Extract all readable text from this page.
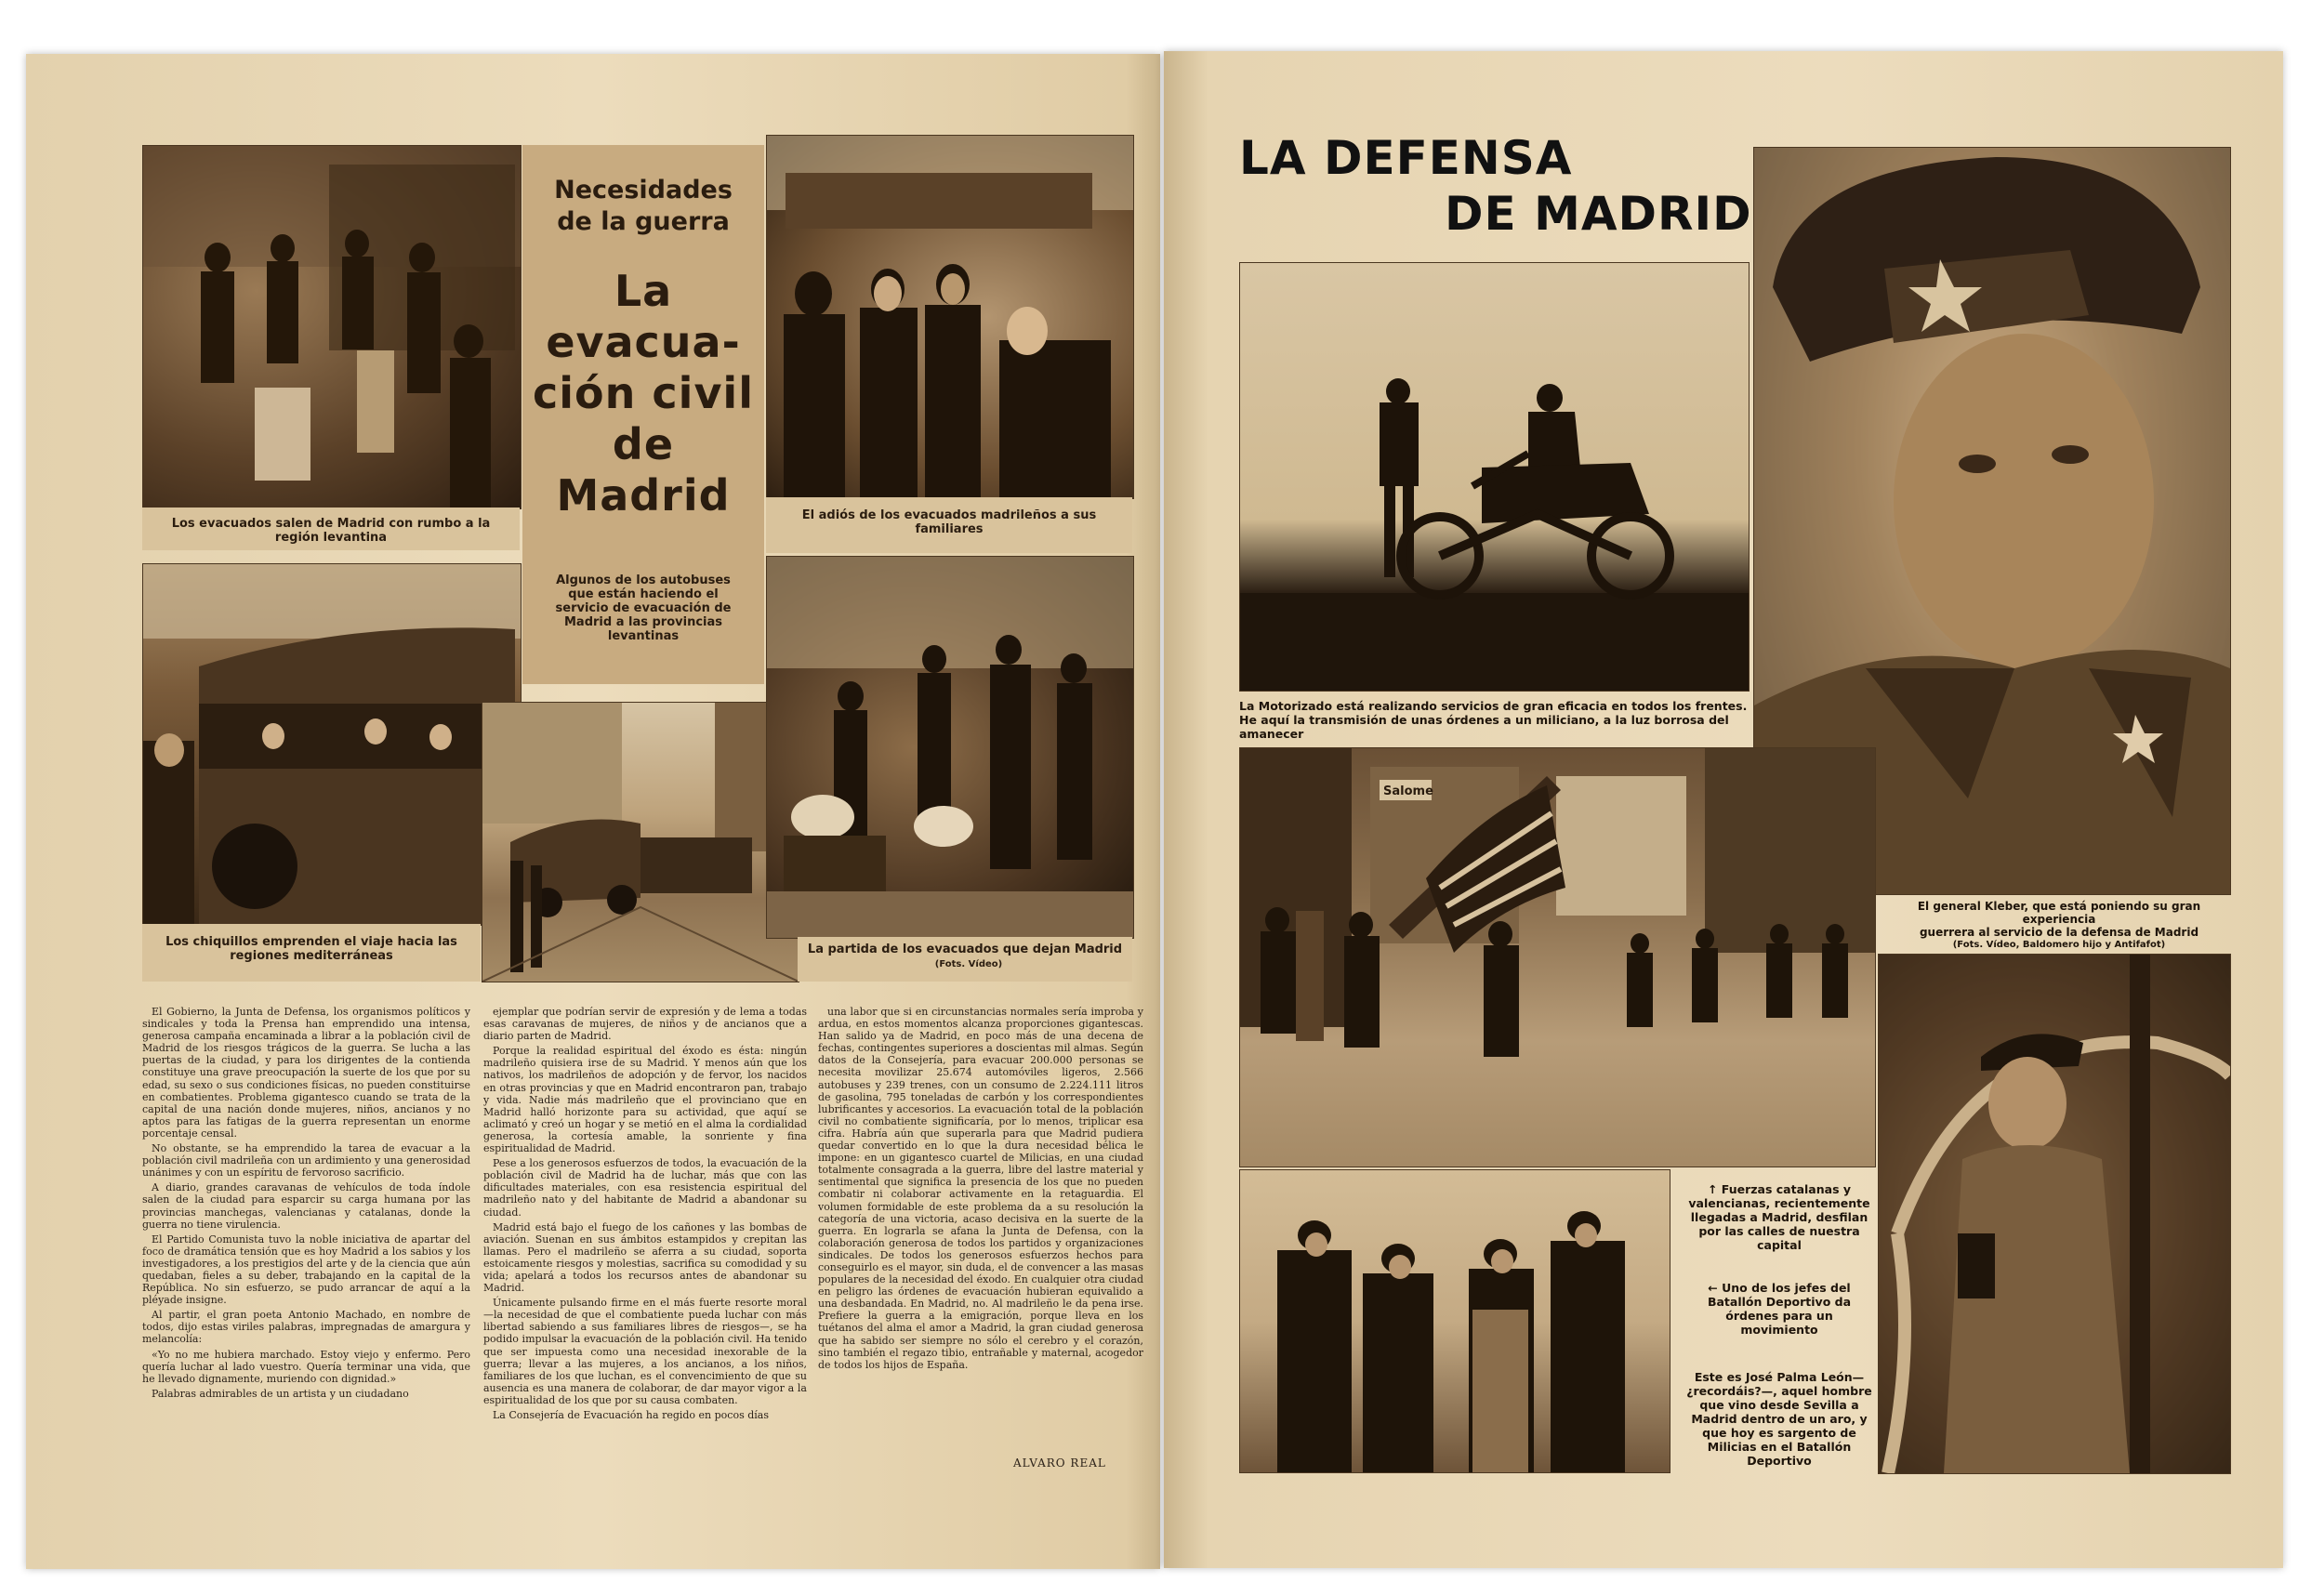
Los evacuados salen de Madrid con rumbo a la región levantina
Necesidades
de la guerra
La
evacua-
ción civil
de
Madrid
Algunos de los autobuses que están haciendo el servicio de evacuación de Madrid a las provincias levantinas
El adiós de los evacuados madrileños a sus familiares
Los chiquillos emprenden el viaje hacia las regiones mediterráneas	La partida de los evacuados que dejan Madrid (Fots. Vídeo)

El Gobierno, la Junta de Defensa, los organismos políticos y sindicales y toda la Prensa han emprendido una intensa, generosa campaña encaminada a librar a la población civil de Madrid de los riesgos trágicos de la guerra. Se lucha a las puertas de la ciudad, y para los dirigentes de la contienda constituye una grave preocupación la suerte de los que por su edad, su sexo o sus condiciones físicas, no pueden constituirse en combatientes. Problema gigantesco cuando se trata de la capital de una nación donde mujeres, niños, ancianos y no aptos para las fatigas de la guerra representan un enorme porcentaje censal.

No obstante, se ha emprendido la tarea de evacuar a la población civil madrileña con un ardimiento y una generosidad unánimes y con un espíritu de fervoroso sacrificio.

A diario, grandes caravanas de vehículos de toda índole salen de la ciudad para esparcir su carga humana por las provincias manchegas, valencianas y catalanas, donde la guerra no tiene virulencia.

El Partido Comunista tuvo la noble iniciativa de apartar del foco de dramática tensión que es hoy Madrid a los sabios y los investigadores, a los prestigios del arte y de la ciencia que aún quedaban, fieles a su deber, trabajando en la capital de la República. No sin esfuerzo, se pudo arrancar de aquí a la pléyade insigne.

Al partir, el gran poeta Antonio Machado, en nombre de todos, dijo estas viriles palabras, impregnadas de amargura y melancolía:

«Yo no me hubiera marchado. Estoy viejo y enfermo. Pero quería luchar al lado vuestro. Quería terminar una vida, que he llevado dignamente, muriendo con dignidad.»

Palabras admirables de un artista y un ciudadano

ejemplar que podrían servir de expresión y de lema a todas esas caravanas de mujeres, de niños y de ancianos que a diario parten de Madrid.

Porque la realidad espiritual del éxodo es ésta: ningún madrileño quisiera irse de su Madrid. Y menos aún que los nativos, los madrileños de adopción y de fervor, los nacidos en otras provincias y que en Madrid encontraron pan, trabajo y vida. Nadie más madrileño que el provinciano que en Madrid halló horizonte para su actividad, que aquí se aclimató y creó un hogar y se metió en el alma la cordialidad generosa, la cortesía amable, la sonriente y fina espiritualidad de Madrid.

Pese a los generosos esfuerzos de todos, la evacuación de la población civil de Madrid ha de luchar, más que con las dificultades materiales, con esa resistencia espiritual del madrileño nato y del habitante de Madrid a abandonar su ciudad.

Madrid está bajo el fuego de los cañones y las bombas de aviación. Suenan en sus ámbitos estampidos y crepitan las llamas. Pero el madrileño se aferra a su ciudad, soporta estoicamente riesgos y molestias, sacrifica su comodidad y su vida; apelará a todos los recursos antes de abandonar su Madrid.

Únicamente pulsando firme en el más fuerte resorte moral—la necesidad de que el combatiente pueda luchar con más libertad sabiendo a sus familiares libres de riesgos—, se ha podido impulsar la evacuación de la población civil. Ha tenido que ser impuesta como una necesidad inexorable de la guerra; llevar a las mujeres, a los ancianos, a los niños, familiares de los que luchan, es el convencimiento de que su ausencia es una manera de colaborar, de dar mayor vigor a la espiritualidad de los que por su causa combaten.

La Consejería de Evacuación ha regido en pocos días

una labor que si en circunstancias normales sería improba y ardua, en estos momentos alcanza proporciones gigantescas. Han salido ya de Madrid, en poco más de una decena de fechas, contingentes superiores a doscientas mil almas. Según datos de la Consejería, para evacuar 200.000 personas se necesita movilizar 25.674 automóviles ligeros, 2.566 autobuses y 239 trenes, con un consumo de 2.224.111 litros de gasolina, 795 toneladas de carbón y los correspondientes lubrificantes y accesorios. La evacuación total de la población civil no combatiente significaría, por lo menos, triplicar esa cifra. Habría aún que superarla para que Madrid pudiera quedar convertido en lo que la dura necesidad bélica le impone: en un gigantesco cuartel de Milicias, en una ciudad totalmente consagrada a la guerra, libre del lastre material y sentimental que significa la presencia de los que no pueden combatir ni colaborar activamente en la retaguardia. El volumen formidable de este problema da a su resolución la categoría de una victoria, acaso decisiva en la suerte de la guerra. En lograrla se afana la Junta de Defensa, con la colaboración generosa de todos los partidos y organizaciones sindicales. De todos los generosos esfuerzos hechos para conseguirlo es el mayor, sin duda, el de convencer a las masas populares de la necesidad del éxodo. En cualquier otra ciudad en peligro las órdenes de evacuación hubieran equivalido a una desbandada. En Madrid, no. Al madrileño le da pena irse. Prefiere la guerra a la emigración, porque lleva en los tuétanos del alma el amor a Madrid, la gran ciudad generosa que ha sabido ser siempre no sólo el cerebro y el corazón, sino también el regazo tibio, entrañable y maternal, acogedor de todos los hijos de España.

ALVARO REAL
LA DEFENSA
DE MADRID
La Motorizado está realizando servicios de gran eficacia en todos los frentes. He aquí la transmisión de unas órdenes a un miliciano, a la luz borrosa del amanecer
El general Kleber, que está poniendo su gran experiencia
guerrera al servicio de la defensa de Madrid
(Fots. Vídeo, Baldomero hijo y Antifafot)
Salome
↑ Fuerzas catalanas y valencianas, recientemente llegadas a Madrid, desfilan por las calles de nuestra capital
← Uno de los jefes del Batallón Deportivo da órdenes para un movimiento
Este es José Palma León—¿recordáis?—, aquel hombre que vino desde Sevilla a Madrid dentro de un aro, y que hoy es sargento de Milicias en el Batallón Deportivo
